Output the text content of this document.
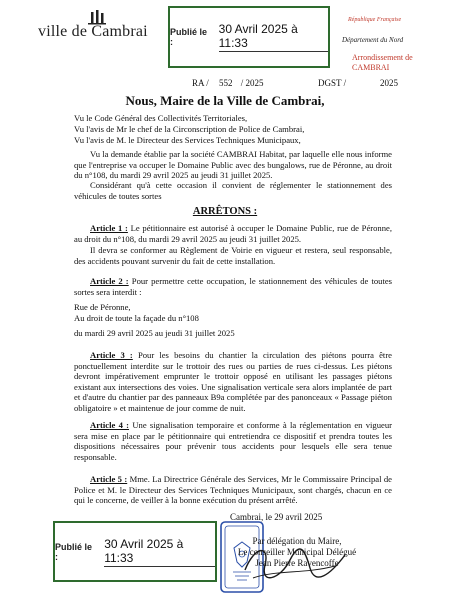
ville de Cambrai Publié le :
30 Avril 2025 à 11:33
République Française
Département du Nord
Arrondissement de CAMBRAI
RA / 552 / 2025	DGST /	2025
Nous, Maire de la Ville de Cambrai,
Vu le Code Général des Collectivités Territoriales,
Vu l'avis de Mr le chef de la Circonscription de Police de Cambrai,
Vu l'avis de M. le Directeur des Services Techniques Municipaux,
Vu la demande établie par la société CAMBRAI Habitat, par laquelle elle nous informe que l'entreprise va occuper le Domaine Public avec des bungalows, rue de Péronne, au droit du n°108, du mardi 29 avril 2025 au jeudi 31 juillet 2025.
Considérant qu'à cette occasion il convient de réglementer le stationnement des véhicules de toutes sortes
ARRÊTONS :
Article 1 : Le pétitionnaire est autorisé à occuper le Domaine Public, rue de Péronne, au droit du n°108, du mardi 29 avril 2025 au jeudi 31 juillet 2025.
Il devra se conformer au Règlement de Voirie en vigueur et restera, seul responsable, des accidents pouvant survenir du fait de cette installation.
Article 2 : Pour permettre cette occupation, le stationnement des véhicules de toutes sortes sera interdit :
Rue de Péronne,
Au droit de toute la façade du n°108
du mardi 29 avril 2025 au jeudi 31 juillet 2025
Article 3 : Pour les besoins du chantier la circulation des piétons pourra être ponctuellement interdite sur le trottoir des rues ou parties de rues ci-dessus. Les piétons devront impérativement emprunter le trottoir opposé en utilisant les passages piétons existant aux intersections des voies. Une signalisation verticale sera alors implantée de part et d'autre du chantier par des panneaux B9a complétée par des panonceaux « Passage piéton obligatoire » et maintenue de jour comme de nuit.
Article 4 : Une signalisation temporaire et conforme à la réglementation en vigueur sera mise en place par le pétitionnaire qui entretiendra ce dispositif et prendra toutes les dispositions nécessaires pour prévenir tous accidents pour lesquels elle sera tenue responsable.
Article 5 : Mme. La Directrice Générale des Services, Mr le Commissaire Principal de Police et M. le Directeur des Services Techniques Municipaux, sont chargés, chacun en ce qui le concerne, de veiller à la bonne exécution du présent arrêté.
Cambrai, le 29 avril 2025
Par délégation du Maire,
Le conseiller Municipal Délégué
Jean Pierre Ravencoffe
Publié le :
30 Avril 2025 à 11:33
